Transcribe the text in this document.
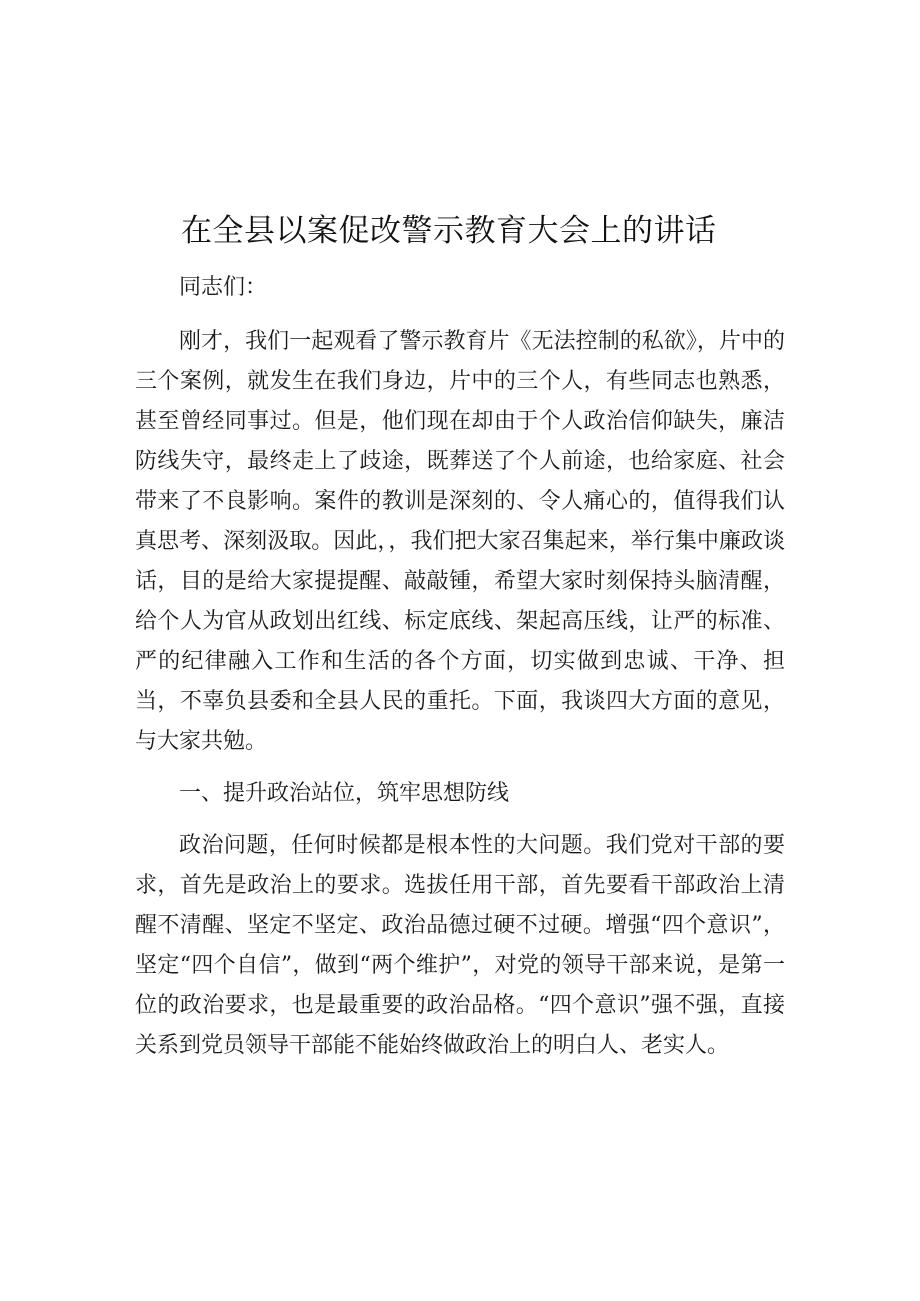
在全县以案促改警示教育大会上的讲话

同志们：

刚才，我们一起观看了警示教育片《无法控制的私欲》，片中的三个案例，就发生在我们身边，片中的三个人，有些同志也熟悉，甚至曾经同事过。但是，他们现在却由于个人政治信仰缺失，廉洁防线失守，最终走上了歧途，既葬送了个人前途，也给家庭、社会带来了不良影响。案件的教训是深刻的、令人痛心的，值得我们认真思考、深刻汲取。因此，，我们把大家召集起来，举行集中廉政谈话，目的是给大家提提醒、敲敲锺，希望大家时刻保持头脑清醒，给个人为官从政划出红线、标定底线、架起高压线，让严的标准、严的纪律融入工作和生活的各个方面，切实做到忠诚、干净、担当，不辜负县委和全县人民的重托。下面，我谈四大方面的意见，与大家共勉。

一、提升政治站位，筑牢思想防线

政治问题，任何时候都是根本性的大问题。我们党对干部的要求，首先是政治上的要求。选拔任用干部，首先要看干部政治上清醒不清醒、坚定不坚定、政治品德过硬不过硬。增强“四个意识”，坚定“四个自信”，做到“两个维护”，对党的领导干部来说，是第一位的政治要求，也是最重要的政治品格。“四个意识”强不强，直接关系到党员领导干部能不能始终做政治上的明白人、老实人。
